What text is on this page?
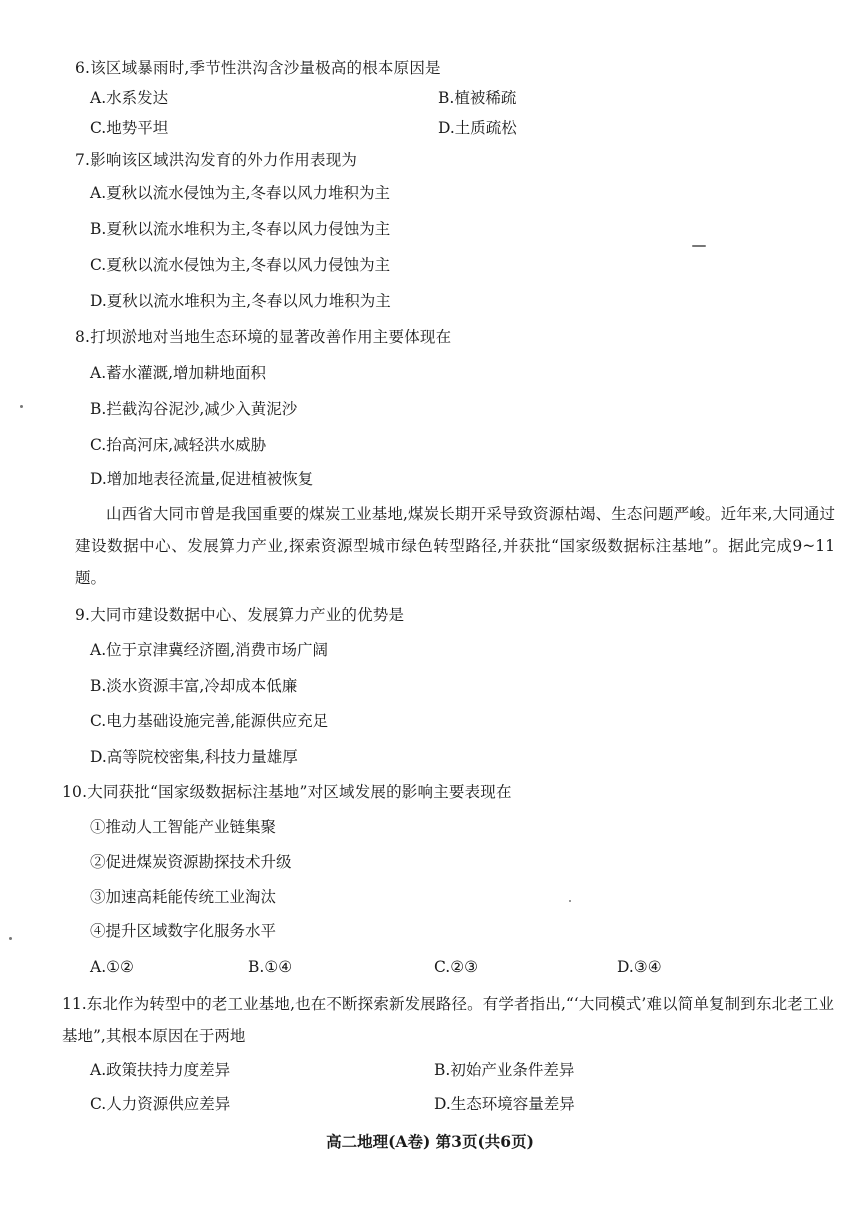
6.该区域暴雨时,季节性洪沟含沙量极高的根本原因是
A.水系发达	B.植被稀疏
C.地势平坦	D.土质疏松
7.影响该区域洪沟发育的外力作用表现为
A.夏秋以流水侵蚀为主,冬春以风力堆积为主
B.夏秋以流水堆积为主,冬春以风力侵蚀为主
C.夏秋以流水侵蚀为主,冬春以风力侵蚀为主
D.夏秋以流水堆积为主,冬春以风力堆积为主
8.打坝淤地对当地生态环境的显著改善作用主要体现在
A.蓄水灌溉,增加耕地面积
B.拦截沟谷泥沙,减少入黄泥沙
C.抬高河床,减轻洪水威胁
D.增加地表径流量,促进植被恢复
山西省大同市曾是我国重要的煤炭工业基地,煤炭长期开采导致资源枯竭、生态问题严峻。近年来,大同通过建设数据中心、发展算力产业,探索资源型城市绿色转型路径,并获批“国家级数据标注基地”。据此完成9~11题。
9.大同市建设数据中心、发展算力产业的优势是
A.位于京津冀经济圈,消费市场广阔
B.淡水资源丰富,冷却成本低廉
C.电力基础设施完善,能源供应充足
D.高等院校密集,科技力量雄厚
10.大同获批“国家级数据标注基地”对区域发展的影响主要表现在
①推动人工智能产业链集聚
②促进煤炭资源勘探技术升级
③加速高耗能传统工业淘汰
④提升区域数字化服务水平
A.①②	B.①④	C.②③	D.③④
11.东北作为转型中的老工业基地,也在不断探索新发展路径。有学者指出,“‘大同模式’难以简单复制到东北老工业基地”,其根本原因在于两地
A.政策扶持力度差异	B.初始产业条件差异
C.人力资源供应差异	D.生态环境容量差异
高二地理(A卷) 第3页(共6页)
